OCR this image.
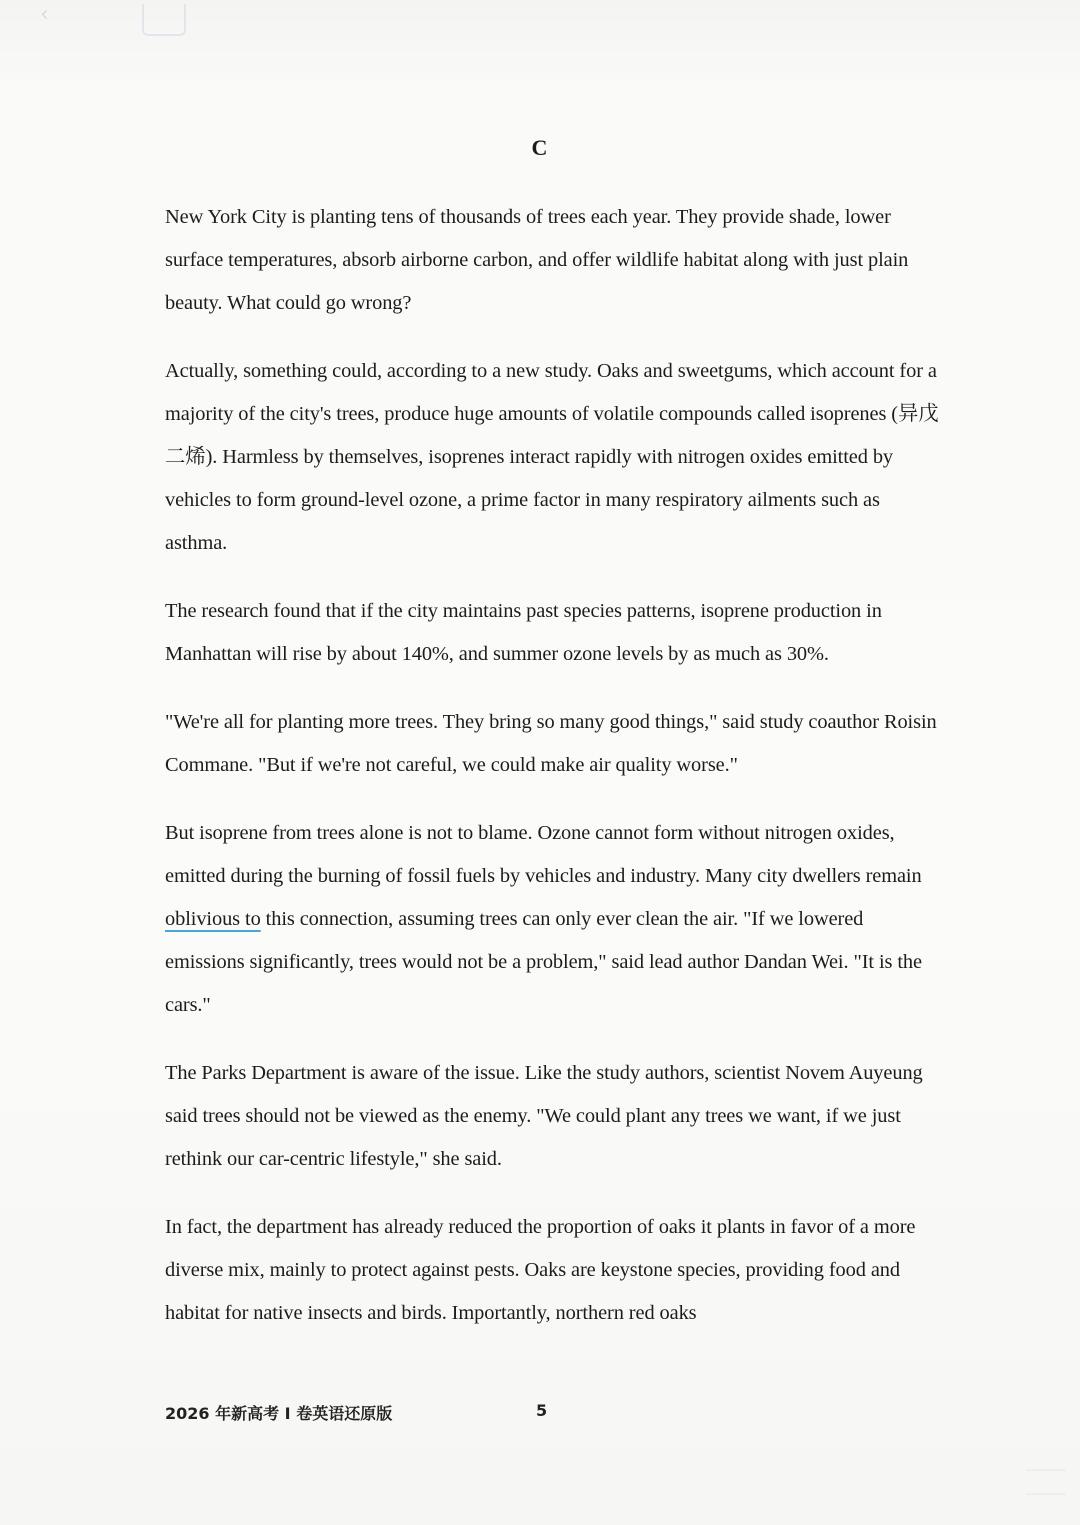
‹
C

New York City is planting tens of thousands of trees each year. They provide shade, lower surface temperatures, absorb airborne carbon, and offer wildlife habitat along with just plain beauty. What could go wrong?

Actually, something could, according to a new study. Oaks and sweetgums, which account for a majority of the city's trees, produce huge amounts of volatile compounds called isoprenes (异戊二烯). Harmless by themselves, isoprenes interact rapidly with nitrogen oxides emitted by vehicles to form ground-level ozone, a prime factor in many respiratory ailments such as asthma.

The research found that if the city maintains past species patterns, isoprene production in Manhattan will rise by about 140%, and summer ozone levels by as much as 30%.

"We're all for planting more trees. They bring so many good things," said study coauthor Roisin Commane. "But if we're not careful, we could make air quality worse."

But isoprene from trees alone is not to blame. Ozone cannot form without nitrogen oxides, emitted during the burning of fossil fuels by vehicles and industry. Many city dwellers remain oblivious to this connection, assuming trees can only ever clean the air. "If we lowered emissions significantly, trees would not be a problem," said lead author Dandan Wei. "It is the cars."

The Parks Department is aware of the issue. Like the study authors, scientist Novem Auyeung said trees should not be viewed as the enemy. "We could plant any trees we want, if we just rethink our car-centric lifestyle," she said.

In fact, the department has already reduced the proportion of oaks it plants in favor of a more diverse mix, mainly to protect against pests. Oaks are keystone species, providing food and habitat for native insects and birds. Importantly, northern red oaks

2026 年新高考 I 卷英语还原版	5
